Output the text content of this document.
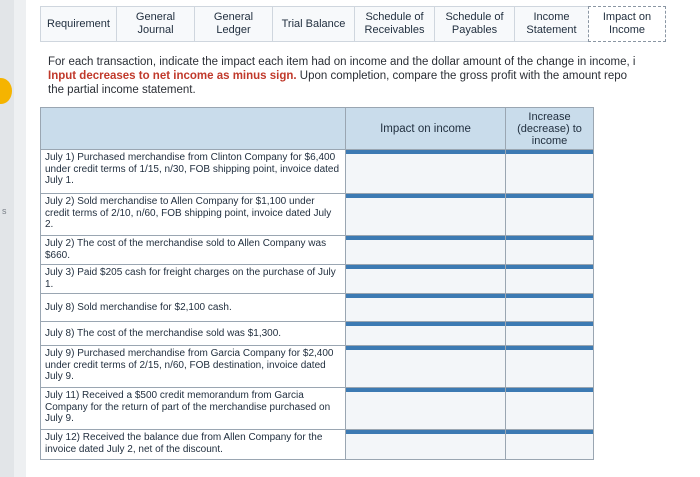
s
Requirement
General Journal
General Ledger
Trial Balance
Schedule of Receivables
Schedule of Payables
Income Statement
Impact on Income
For each transaction, indicate the impact each item had on income and the dollar amount of the change in income, i
Input decreases to net income as minus sign. Upon completion, compare the gross profit with the amount repo
the partial income statement.
	Impact on income	Increase (decrease) to income
July 1) Purchased merchandise from Clinton Company for $6,400 under credit terms of 1/15, n/30, FOB shipping point, invoice dated July 1.	

July 2) Sold merchandise to Allen Company for $1,100 under credit terms of 2/10, n/60, FOB shipping point, invoice dated July 2.	

July 2) The cost of the merchandise sold to Allen Company was $660.	

July 3) Paid $205 cash for freight charges on the purchase of July 1.	

July 8) Sold merchandise for $2,100 cash.	

July 8) The cost of the merchandise sold was $1,300.	

July 9) Purchased merchandise from Garcia Company for $2,400 under credit terms of 2/15, n/60, FOB destination, invoice dated July 9.	

July 11) Received a $500 credit memorandum from Garcia Company for the return of part of the merchandise purchased on July 9.	

July 12) Received the balance due from Allen Company for the invoice dated July 2, net of the discount.	
